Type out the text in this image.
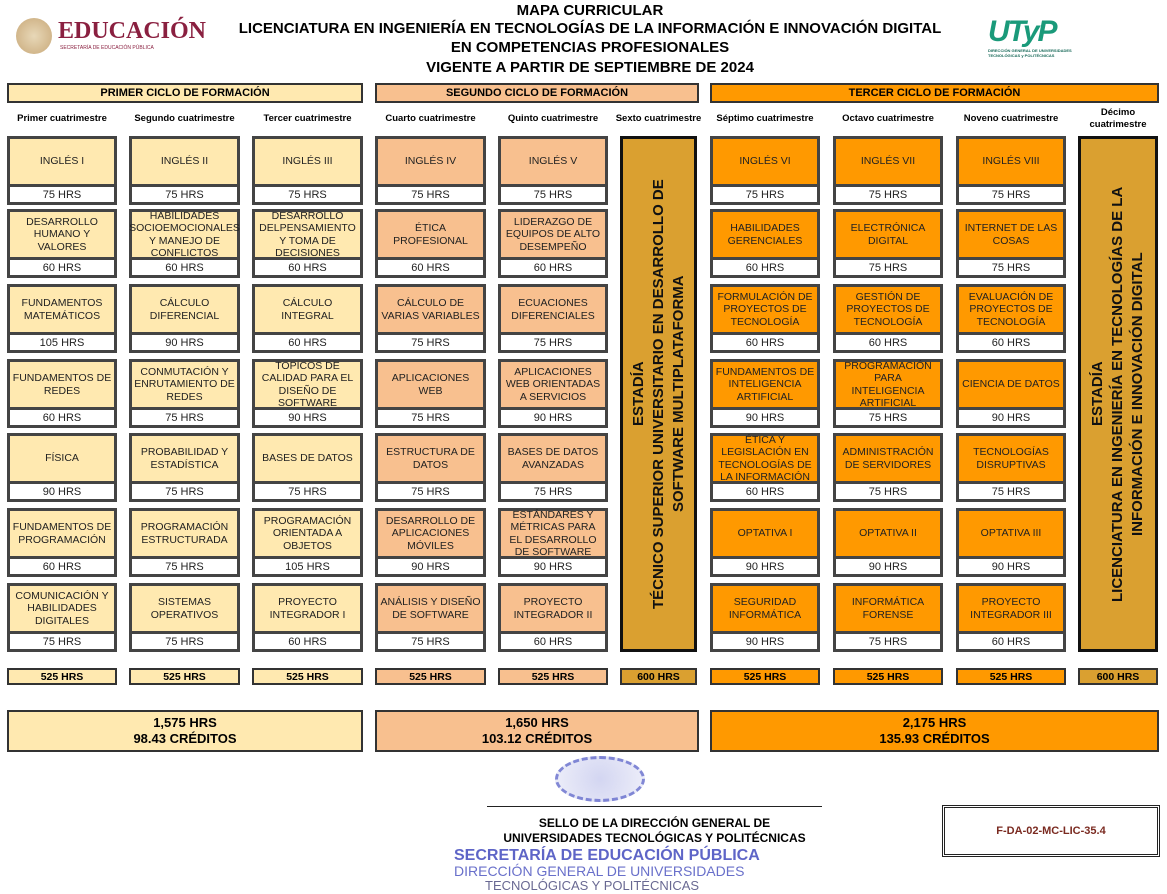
EDUCACIÓN
SECRETARÍA DE EDUCACIÓN PÚBLICA
MAPA CURRICULAR
LICENCIATURA EN INGENIERÍA EN TECNOLOGÍAS DE LA INFORMACIÓN E INNOVACIÓN DIGITAL
EN COMPETENCIAS PROFESIONALES
VIGENTE A PARTIR DE SEPTIEMBRE DE 2024
UTyP
DIRECCIÓN GENERAL DE UNIVERSIDADES TECNOLÓGICAS y POLITÉCNICAS
PRIMER CICLO DE FORMACIÓN
1,575 HRS
98.43 CRÉDITOS
SEGUNDO CICLO DE FORMACIÓN
1,650 HRS
103.12 CRÉDITOS
TERCER CICLO DE FORMACIÓN
2,175 HRS
135.93 CRÉDITOS
Primer cuatrimestre
525 HRS
INGLÉS I
75 HRS
DESARROLLO HUMANO Y VALORES
60 HRS
FUNDAMENTOS MATEMÁTICOS
105 HRS
FUNDAMENTOS DE REDES
60 HRS
FÍSICA
90 HRS
FUNDAMENTOS DE PROGRAMACIÓN
60 HRS
COMUNICACIÓN Y HABILIDADES DIGITALES
75 HRS
Segundo cuatrimestre
525 HRS
INGLÉS II
75 HRS
HABILIDADES SOCIOEMOCIONALES Y MANEJO DE CONFLICTOS
60 HRS
CÁLCULO DIFERENCIAL
90 HRS
CONMUTACIÓN Y ENRUTAMIENTO DE REDES
75 HRS
PROBABILIDAD Y ESTADÍSTICA
75 HRS
PROGRAMACIÓN ESTRUCTURADA
75 HRS
SISTEMAS OPERATIVOS
75 HRS
Tercer cuatrimestre
525 HRS
INGLÉS III
75 HRS
DESARROLLO DELPENSAMIENTO Y TOMA DE DECISIONES
60 HRS
CÁLCULO INTEGRAL
60 HRS
TOPICOS DE CALIDAD PARA EL DISEÑO DE SOFTWARE
90 HRS
BASES DE DATOS
75 HRS
PROGRAMACIÓN ORIENTADA A OBJETOS
105 HRS
PROYECTO INTEGRADOR I
60 HRS
Cuarto cuatrimestre
525 HRS
INGLÉS IV
75 HRS
ÉTICA PROFESIONAL
60 HRS
CÁLCULO DE VARIAS VARIABLES
75 HRS
APLICACIONES WEB
75 HRS
ESTRUCTURA DE DATOS
75 HRS
DESARROLLO DE APLICACIONES MÓVILES
90 HRS
ANÁLISIS Y DISEÑO DE SOFTWARE
75 HRS
Quinto cuatrimestre
525 HRS
INGLÉS V
75 HRS
LIDERAZGO DE EQUIPOS DE ALTO DESEMPEÑO
60 HRS
ECUACIONES DIFERENCIALES
75 HRS
APLICACIONES WEB ORIENTADAS A SERVICIOS
90 HRS
BASES DE DATOS AVANZADAS
75 HRS
ESTÁNDARES Y MÉTRICAS PARA EL DESARROLLO DE SOFTWARE
90 HRS
PROYECTO INTEGRADOR II
60 HRS
Sexto cuatrimestre
600 HRS
ESTADÍA TÉCNICO SUPERIOR UNIVERSITARIO EN DESARROLLO DE SOFTWARE MULTIPLATAFORMA
Séptimo cuatrimestre
525 HRS
INGLÉS VI
75 HRS
HABILIDADES GERENCIALES
60 HRS
FORMULACIÓN DE PROYECTOS DE TECNOLOGÍA
60 HRS
FUNDAMENTOS DE INTELIGENCIA ARTIFICIAL
90 HRS
ÉTICA Y LEGISLACIÓN EN TECNOLOGÍAS DE LA INFORMACIÓN
60 HRS
OPTATIVA I
90 HRS
SEGURIDAD INFORMÁTICA
90 HRS
Octavo cuatrimestre
525 HRS
INGLÉS VII
75 HRS
ELECTRÓNICA DIGITAL
75 HRS
GESTIÓN DE PROYECTOS DE TECNOLOGÍA
60 HRS
PROGRAMACIÓN PARA INTELIGENCIA ARTIFICIAL
75 HRS
ADMINISTRACIÓN DE SERVIDORES
75 HRS
OPTATIVA II
90 HRS
INFORMÁTICA FORENSE
75 HRS
Noveno cuatrimestre
525 HRS
INGLÉS VIII
75 HRS
INTERNET DE LAS COSAS
75 HRS
EVALUACIÓN DE PROYECTOS DE TECNOLOGÍA
60 HRS
CIENCIA DE DATOS
90 HRS
TECNOLOGÍAS DISRUPTIVAS
75 HRS
OPTATIVA III
90 HRS
PROYECTO INTEGRADOR III
60 HRS
Décimo cuatrimestre
600 HRS
ESTADÍA LICENCIATURA EN INGENIERÍA EN TECNOLOGÍAS DE LA INFORMACIÓN E INNOVACIÓN DIGITAL
SELLO DE LA DIRECCIÓN GENERAL DE
UNIVERSIDADES TECNOLÓGICAS Y POLITÉCNICAS
SECRETARÍA DE EDUCACIÓN PÚBLICA
DIRECCIÓN GENERAL DE UNIVERSIDADES
TECNOLÓGICAS Y POLITÉCNICAS
F-DA-02-MC-LIC-35.4
